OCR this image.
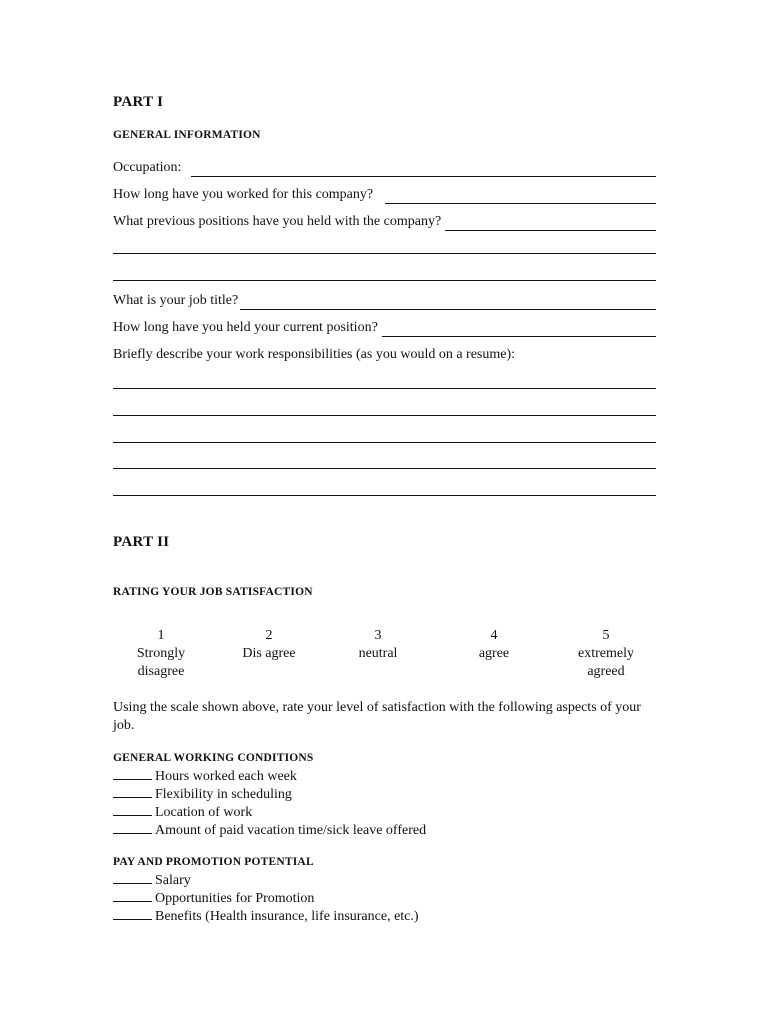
PART I
GENERAL INFORMATION
Occupation:
How long have you worked for this company?
What previous positions have you held with the company?
What is your job title?
How long have you held your current position?
Briefly describe your work responsibilities (as you would on a resume):
PART II
RATING YOUR JOB SATISFACTION
1
Strongly
disagree
2
Dis agree
3
neutral
4
agree
5
extremely
agreed
Using the scale shown above, rate your level of satisfaction with the following aspects of your job.
GENERAL WORKING CONDITIONS
Hours worked each week
Flexibility in scheduling
Location of work
Amount of paid vacation time/sick leave offered
PAY AND PROMOTION POTENTIAL
Salary
Opportunities for Promotion
Benefits (Health insurance, life insurance, etc.)
